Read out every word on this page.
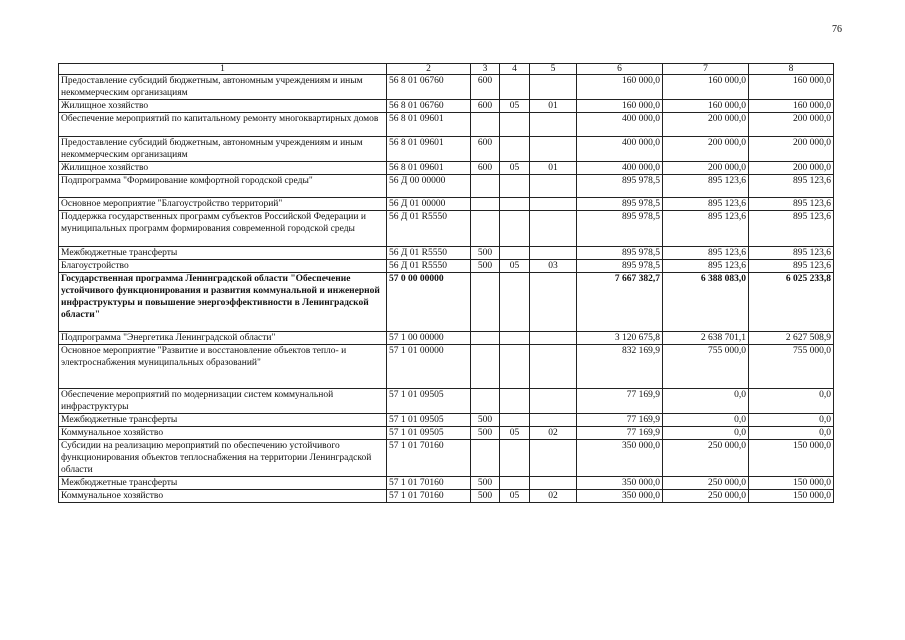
76
1	2	3	4	5	6	7	8
Предоставление субсидий бюджетным, автономным учреждениям и иным некоммерческим организациям	56 8 01 06760	600			160 000,0	160 000,0	160 000,0
Жилищное хозяйство	56 8 01 06760	600	05	01	160 000,0	160 000,0	160 000,0
Обеспечение мероприятий по капитальному ремонту многоквартирных домов	56 8 01 09601				400 000,0	200 000,0	200 000,0
Предоставление субсидий бюджетным, автономным учреждениям и иным некоммерческим организациям	56 8 01 09601	600			400 000,0	200 000,0	200 000,0
Жилищное хозяйство	56 8 01 09601	600	05	01	400 000,0	200 000,0	200 000,0
Подпрограмма "Формирование комфортной городской среды"	56 Д 00 00000				895 978,5	895 123,6	895 123,6
Основное мероприятие "Благоустройство территорий"	56 Д 01 00000				895 978,5	895 123,6	895 123,6
Поддержка государственных программ субъектов Российской Федерации и муниципальных программ формирования современной городской среды	56 Д 01 R5550				895 978,5	895 123,6	895 123,6
Межбюджетные трансферты	56 Д 01 R5550	500			895 978,5	895 123,6	895 123,6
Благоустройство	56 Д 01 R5550	500	05	03	895 978,5	895 123,6	895 123,6
Государственная программа Ленинградской области "Обеспечение устойчивого функционирования и развития коммунальной и инженерной инфраструктуры и повышение энергоэффективности в Ленинградской области"	57 0 00 00000				7 667 382,7	6 388 083,0	6 025 233,8
Подпрограмма "Энергетика Ленинградской области"	57 1 00 00000				3 120 675,8	2 638 701,1	2 627 508,9
Основное мероприятие "Развитие и восстановление объектов тепло- и электроснабжения муниципальных образований"	57 1 01 00000				832 169,9	755 000,0	755 000,0
Обеспечение мероприятий по модернизации систем коммунальной инфраструктуры	57 1 01 09505				77 169,9	0,0	0,0
Межбюджетные трансферты	57 1 01 09505	500			77 169,9	0,0	0,0
Коммунальное хозяйство	57 1 01 09505	500	05	02	77 169,9	0,0	0,0
Субсидии на реализацию мероприятий по обеспечению устойчивого функционирования объектов теплоснабжения на территории Ленинградской области	57 1 01 70160				350 000,0	250 000,0	150 000,0
Межбюджетные трансферты	57 1 01 70160	500			350 000,0	250 000,0	150 000,0
Коммунальное хозяйство	57 1 01 70160	500	05	02	350 000,0	250 000,0	150 000,0
